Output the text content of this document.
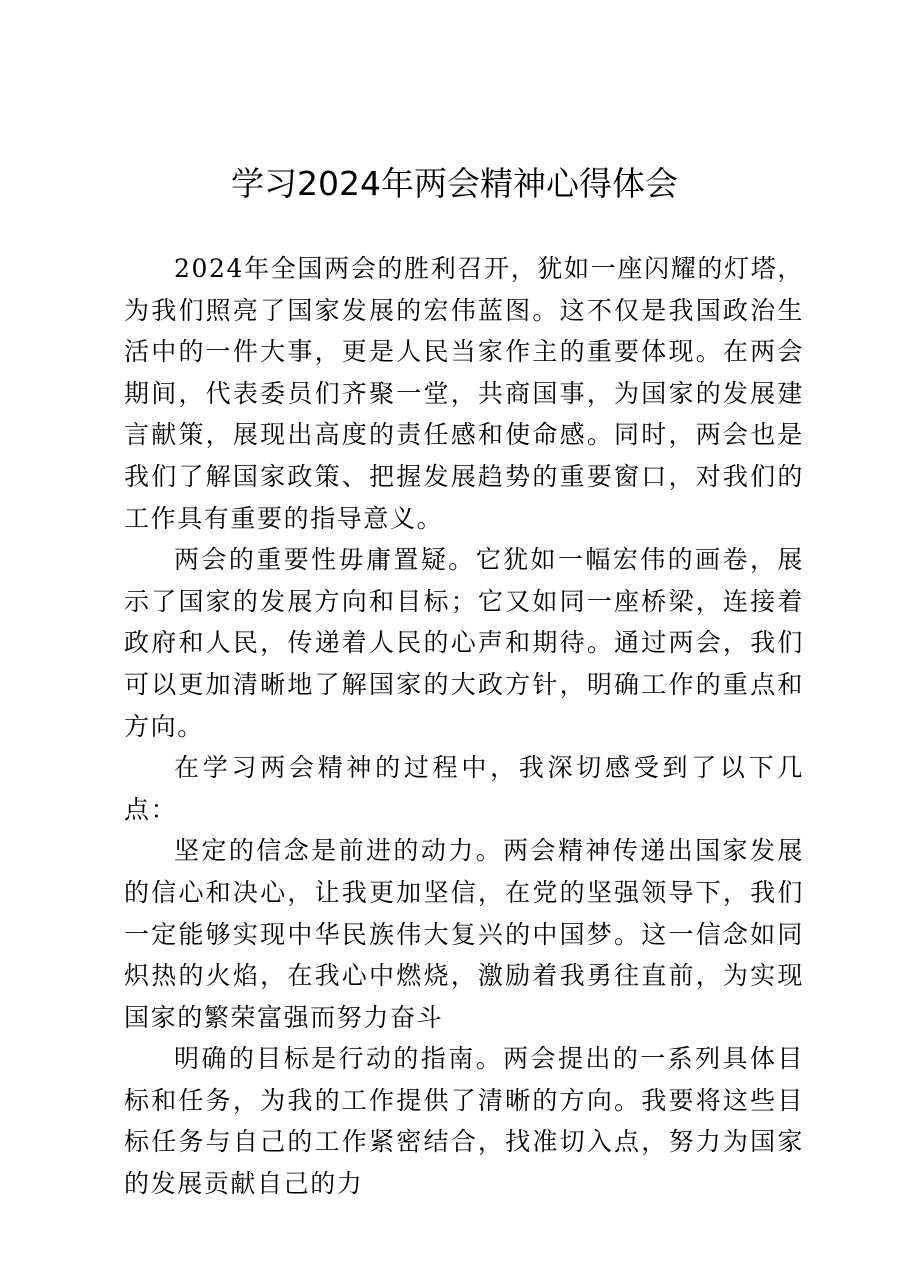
学习2024年两会精神心得体会

2024年全国两会的胜利召开，犹如一座闪耀的灯塔，为我们照亮了国家发展的宏伟蓝图。这不仅是我国政治生活中的一件大事，更是人民当家作主的重要体现。在两会期间，代表委员们齐聚一堂，共商国事，为国家的发展建言献策，展现出高度的责任感和使命感。同时，两会也是我们了解国家政策、把握发展趋势的重要窗口，对我们的工作具有重要的指导意义。

两会的重要性毋庸置疑。它犹如一幅宏伟的画卷，展示了国家的发展方向和目标；它又如同一座桥梁，连接着政府和人民，传递着人民的心声和期待。通过两会，我们可以更加清晰地了解国家的大政方针，明确工作的重点和方向。

在学习两会精神的过程中，我深切感受到了以下几点：

坚定的信念是前进的动力。两会精神传递出国家发展的信心和决心，让我更加坚信，在党的坚强领导下，我们一定能够实现中华民族伟大复兴的中国梦。这一信念如同炽热的火焰，在我心中燃烧，激励着我勇往直前，为实现国家的繁荣富强而努力奋斗

明确的目标是行动的指南。两会提出的一系列具体目标和任务，为我的工作提供了清晰的方向。我要将这些目标任务与自己的工作紧密结合，找准切入点，努力为国家的发展贡献自己的力
